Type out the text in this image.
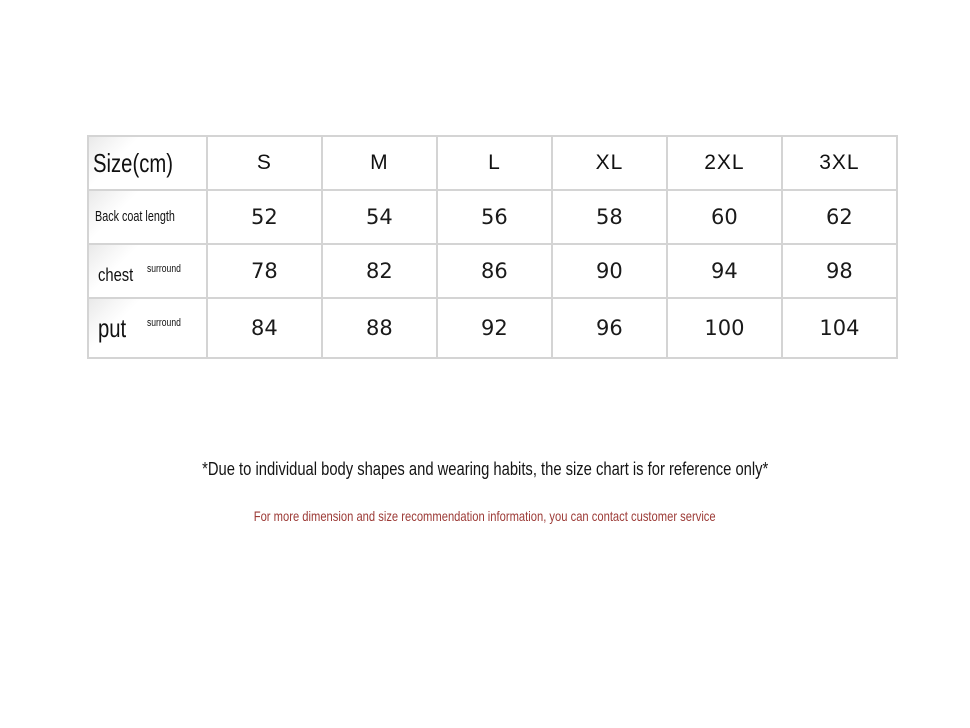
Size(cm)	S	M	L	XL	2XL	3XL
Back coat length	52	54	56	58	60	62

chest surround	78	82	86	90	94	98

put surround	84	88	92	96	100	104
*Due to individual body shapes and wearing habits, the size chart is for reference only*
For more dimension and size recommendation information, you can contact customer service
